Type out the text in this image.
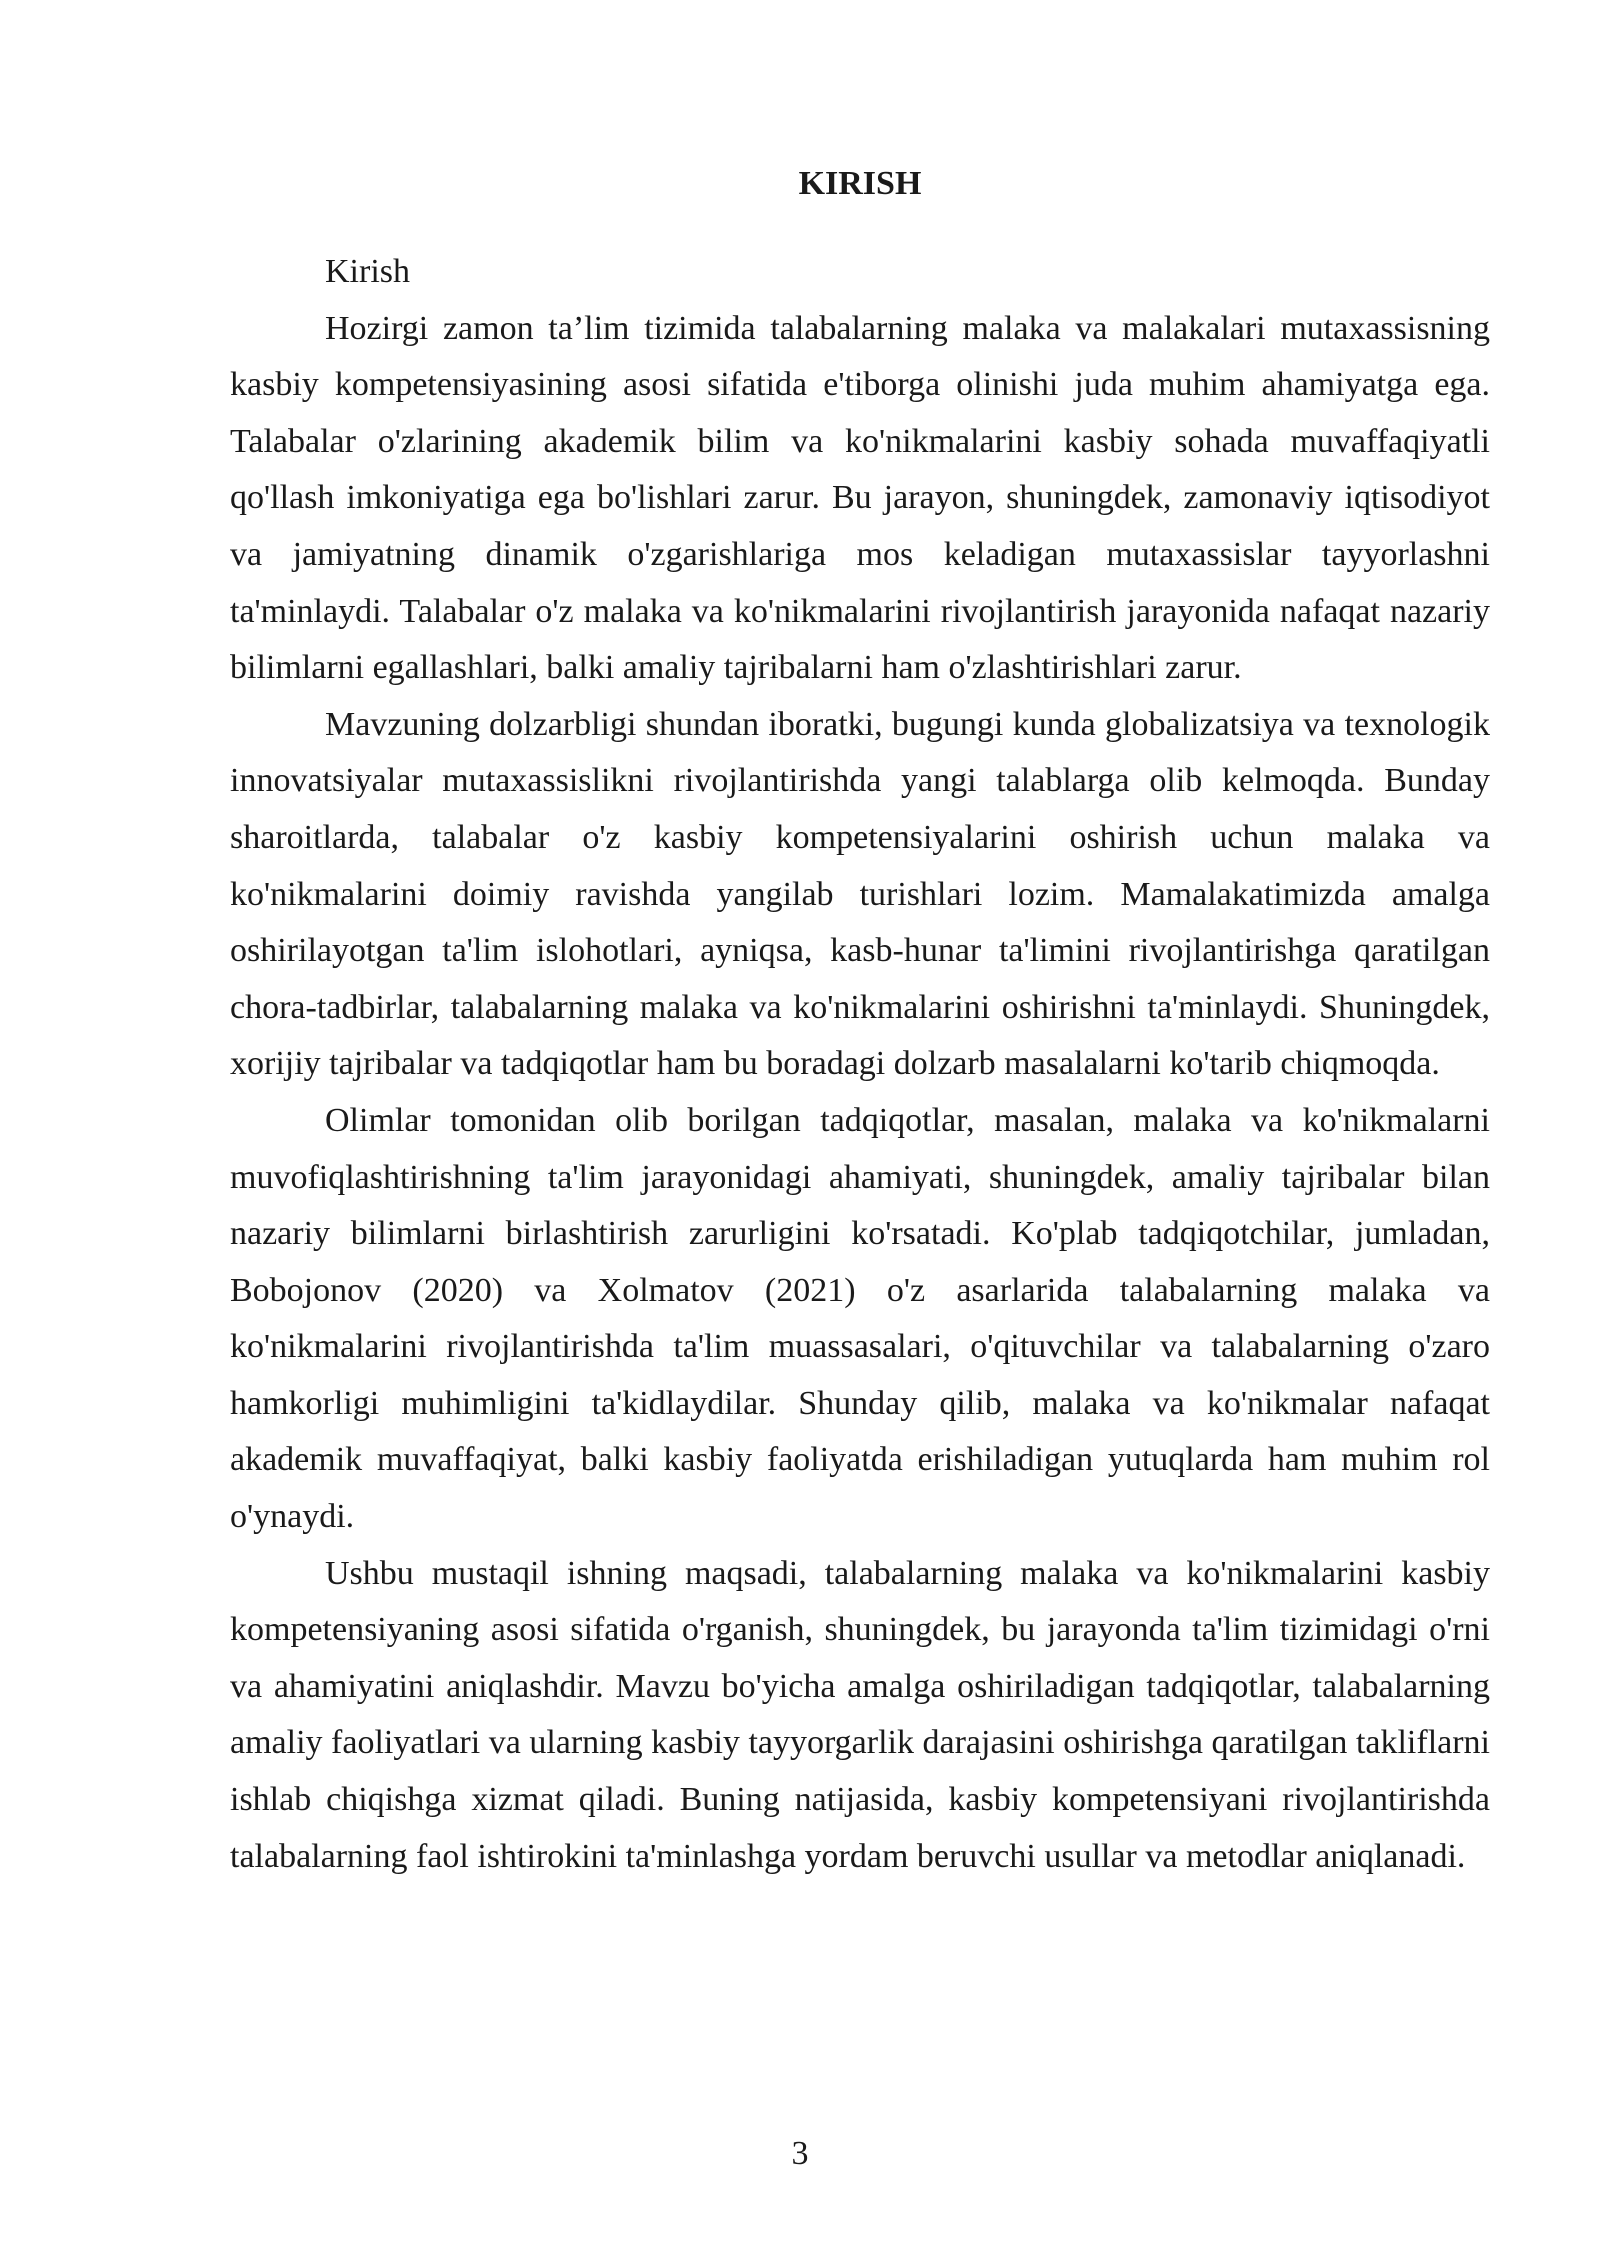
KIRISH

Kirish

Hozirgi zamon ta’lim tizimida talabalarning malaka va malakalari mutaxassisning kasbiy kompetensiyasining asosi sifatida e'tiborga olinishi juda muhim ahamiyatga ega. Talabalar o'zlarining akademik bilim va ko'nikmalarini kasbiy sohada muvaffaqiyatli qo'llash imkoniyatiga ega bo'lishlari zarur. Bu jarayon, shuningdek, zamonaviy iqtisodiyot va jamiyatning dinamik o'zgarishlariga mos keladigan mutaxassislar tayyorlashni ta'minlaydi. Talabalar o'z malaka va ko'nikmalarini rivojlantirish jarayonida nafaqat nazariy bilimlarni egallashlari, balki amaliy tajribalarni ham o'zlashtirishlari zarur.

Mavzuning dolzarbligi shundan iboratki, bugungi kunda globalizatsiya va texnologik innovatsiyalar mutaxassislikni rivojlantirishda yangi talablarga olib kelmoqda. Bunday sharoitlarda, talabalar o'z kasbiy kompetensiyalarini oshirish uchun malaka va ko'nikmalarini doimiy ravishda yangilab turishlari lozim. Mamalakatimizda amalga oshirilayotgan ta'lim islohotlari, ayniqsa, kasb-hunar ta'limini rivojlantirishga qaratilgan chora-tadbirlar, talabalarning malaka va ko'nikmalarini oshirishni ta'minlaydi. Shuningdek, xorijiy tajribalar va tadqiqotlar ham bu boradagi dolzarb masalalarni ko'tarib chiqmoqda.

Olimlar tomonidan olib borilgan tadqiqotlar, masalan, malaka va ko'nikmalarni muvofiqlashtirishning ta'lim jarayonidagi ahamiyati, shuningdek, amaliy tajribalar bilan nazariy bilimlarni birlashtirish zarurligini ko'rsatadi. Ko'plab tadqiqotchilar, jumladan, Bobojonov (2020) va Xolmatov (2021) o'z asarlarida talabalarning malaka va ko'nikmalarini rivojlantirishda ta'lim muassasalari, o'qituvchilar va talabalarning o'zaro hamkorligi muhimligini ta'kidlaydilar. Shunday qilib, malaka va ko'nikmalar nafaqat akademik muvaffaqiyat, balki kasbiy faoliyatda erishiladigan yutuqlarda ham muhim rol o'ynaydi.

Ushbu mustaqil ishning maqsadi, talabalarning malaka va ko'nikmalarini kasbiy kompetensiyaning asosi sifatida o'rganish, shuningdek, bu jarayonda ta'lim tizimidagi o'rni va ahamiyatini aniqlashdir. Mavzu bo'yicha amalga oshiriladigan tadqiqotlar, talabalarning amaliy faoliyatlari va ularning kasbiy tayyorgarlik darajasini oshirishga qaratilgan takliflarni ishlab chiqishga xizmat qiladi. Buning natijasida, kasbiy kompetensiyani rivojlantirishda talabalarning faol ishtirokini ta'minlashga yordam beruvchi usullar va metodlar aniqlanadi.

3
